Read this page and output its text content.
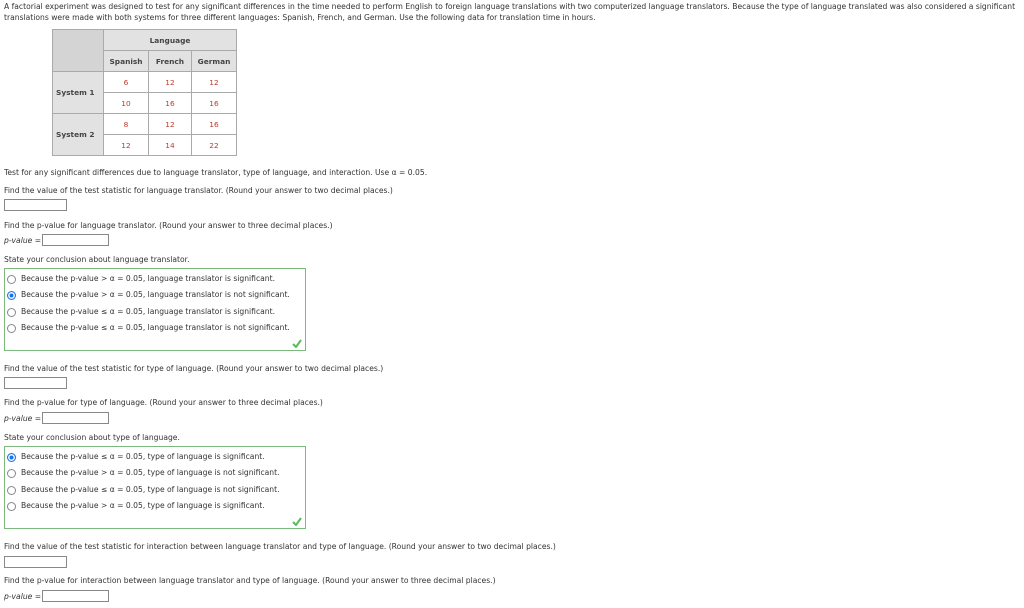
A factorial experiment was designed to test for any significant differences in the time needed to perform English to foreign language translations with two computerized language translators. Because the type of language translated was also considered a significant
translations were made with both systems for three different languages: Spanish, French, and German. Use the following data for translation time in hours.
	Language		
	Spanish	French	German
System 1	6	12	12
	10	16	16
System 2	8	12	16
	12	14	22
Test for any significant differences due to language translator, type of language, and interaction. Use α = 0.05.
Find the value of the test statistic for language translator. (Round your answer to two decimal places.)
Find the p-value for language translator. (Round your answer to three decimal places.)
p-value =
State your conclusion about language translator.
Because the p-value > α = 0.05, language translator is significant.
Because the p-value > α = 0.05, language translator is not significant.
Because the p-value ≤ α = 0.05, language translator is significant.
Because the p-value ≤ α = 0.05, language translator is not significant.
Find the value of the test statistic for type of language. (Round your answer to two decimal places.)
Find the p-value for type of language. (Round your answer to three decimal places.)
p-value =
State your conclusion about type of language.
Because the p-value ≤ α = 0.05, type of language is significant.
Because the p-value > α = 0.05, type of language is not significant.
Because the p-value ≤ α = 0.05, type of language is not significant.
Because the p-value > α = 0.05, type of language is significant.
Find the value of the test statistic for interaction between language translator and type of language. (Round your answer to two decimal places.)
Find the p-value for interaction between language translator and type of language. (Round your answer to three decimal places.)
p-value =
